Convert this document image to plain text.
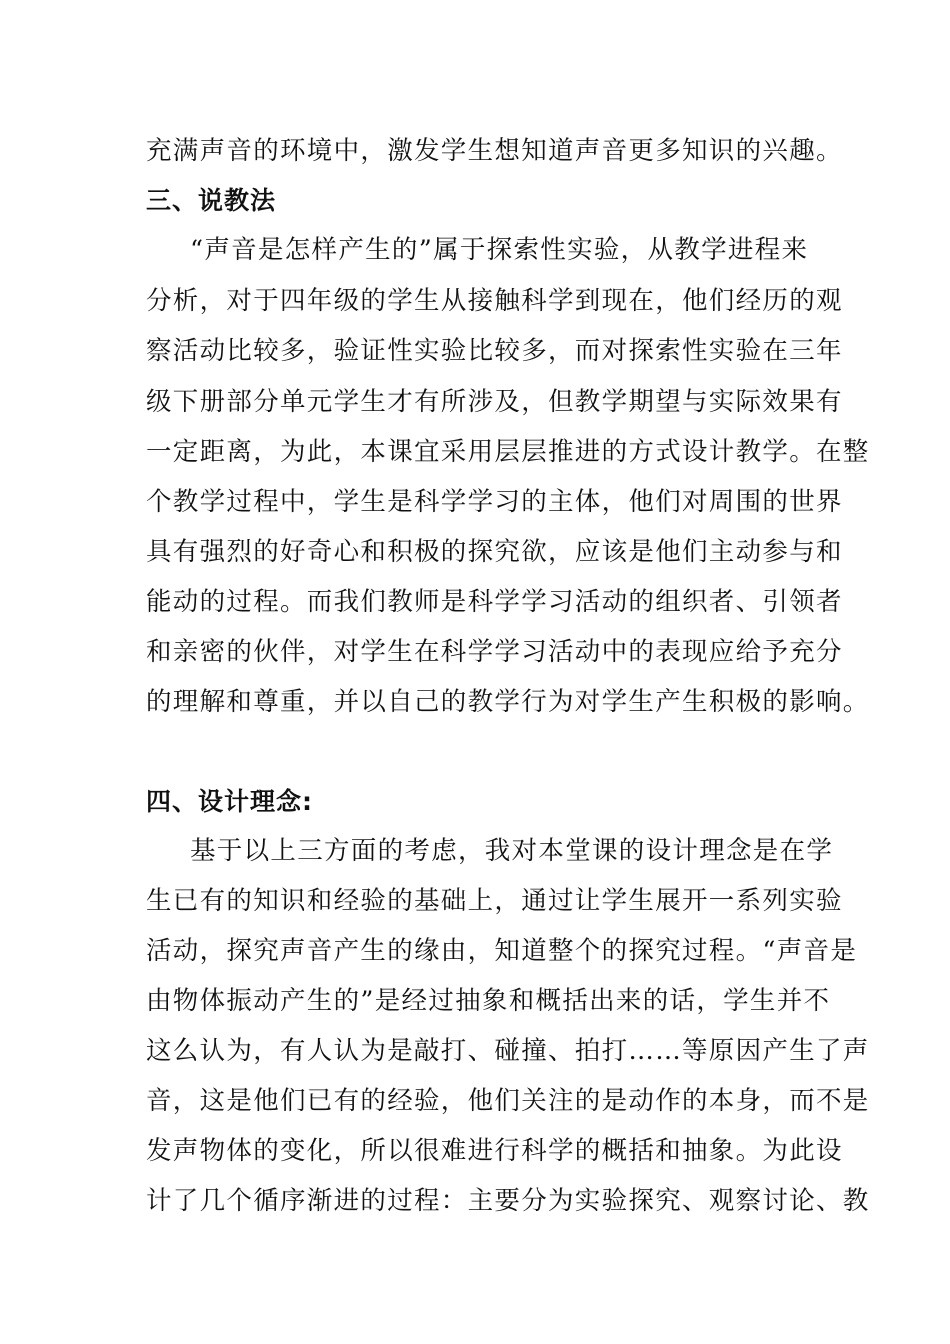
充满声音的环境中，激发学生想知道声音更多知识的兴趣。
三、说教法
“声音是怎样产生的”属于探索性实验，从教学进程来
分析，对于四年级的学生从接触科学到现在，他们经历的观
察活动比较多，验证性实验比较多，而对探索性实验在三年
级下册部分单元学生才有所涉及，但教学期望与实际效果有
一定距离，为此，本课宜采用层层推进的方式设计教学。在整
个教学过程中，学生是科学学习的主体，他们对周围的世界
具有强烈的好奇心和积极的探究欲，应该是他们主动参与和
能动的过程。而我们教师是科学学习活动的组织者、引领者
和亲密的伙伴，对学生在科学学习活动中的表现应给予充分
的理解和尊重，并以自己的教学行为对学生产生积极的影响。
四、设计理念:
基于以上三方面的考虑，我对本堂课的设计理念是在学
生已有的知识和经验的基础上，通过让学生展开一系列实验
活动，探究声音产生的缘由，知道整个的探究过程。“声音是
由物体振动产生的”是经过抽象和概括出来的话，学生并不
这么认为，有人认为是敲打、碰撞、拍打……等原因产生了声
音，这是他们已有的经验，他们关注的是动作的本身，而不是
发声物体的变化，所以很难进行科学的概括和抽象。为此设
计了几个循序渐进的过程：主要分为实验探究、观察讨论、教
